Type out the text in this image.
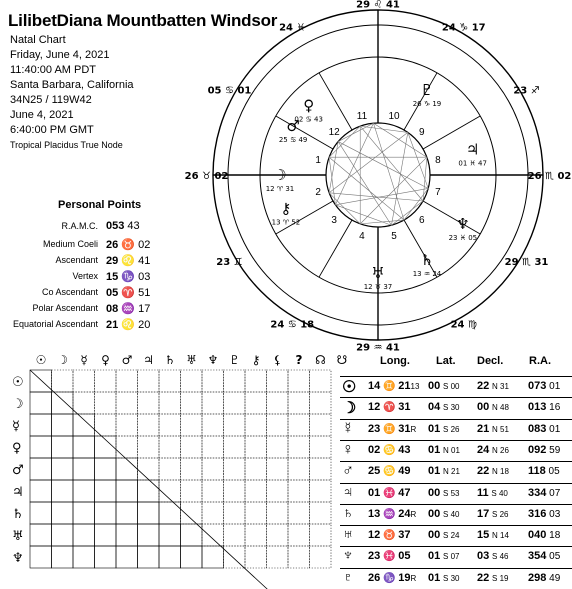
LilibetDiana Mountbatten Windsor
Natal Chart
Friday, June 4, 2021
11:40:00 AM PDT
Santa Barbara, California
34N25 / 119W42
June 4, 2021
6:40:00 PM GMT
Tropical Placidus True Node
Personal Points
R.A.M.C. 053 43
Medium Coeli 26 ♉ 02
Ascendant 29 ♌ 41
Vertex 15 ♑ 03
Co Ascendant 05 ♈ 51
Polar Ascendant 08 ♒ 17
Equatorial Ascendant 21 ♌ 20
1
2
3
4	5
6
7
8
9
10
11
12
26 ♉ 02
23 ♊
24 ♋ 18
29 ♒ 41
24 ♍
29 ♏ 31
26 ♏ 02
23 ♐
24 ♑ 17
29 ♌ 41
24 ♓
05 ♋ 01
♂
25 ♋ 49
☽
12 ♈ 31
♅
12 ♉ 37
♀
02 ♋ 43
♆
23 ♓ 05
♃
01 ♓ 47
♄
13 ♒ 24
♇
26 ♑ 19
⚷
13 ♈ 52
☉ ☽ ☿ ♀ ♂ ♃ ♄ ♅ ♆ ♇ ⚷ ⚸ ? ☊ ☋
☉
☽
☿
♀
♂
♃
♄
♅
♆
Long. Lat. Decl. R.A.
☉ 14 ♊ 2113 00 S 00 22 N 31 073 01
☽ 12 ♈ 31 04 S 30 00 N 48 013 16
☿ 23 ♊ 31R 01 S 26 21 N 51 083 01
♀ 02 ♋ 43 01 N 01 24 N 26 092 59
♂ 25 ♋ 49 01 N 21 22 N 18 118 05
♃ 01 ♓ 47 00 S 53 11 S 40 334 07
♄ 13 ♒ 24R 00 S 40 17 S 26 316 03
♅ 12 ♉ 37 00 S 24 15 N 14 040 18
♆ 23 ♓ 05 01 S 07 03 S 46 354 05
♇ 26 ♑ 19R 01 S 30 22 S 19 298 49
